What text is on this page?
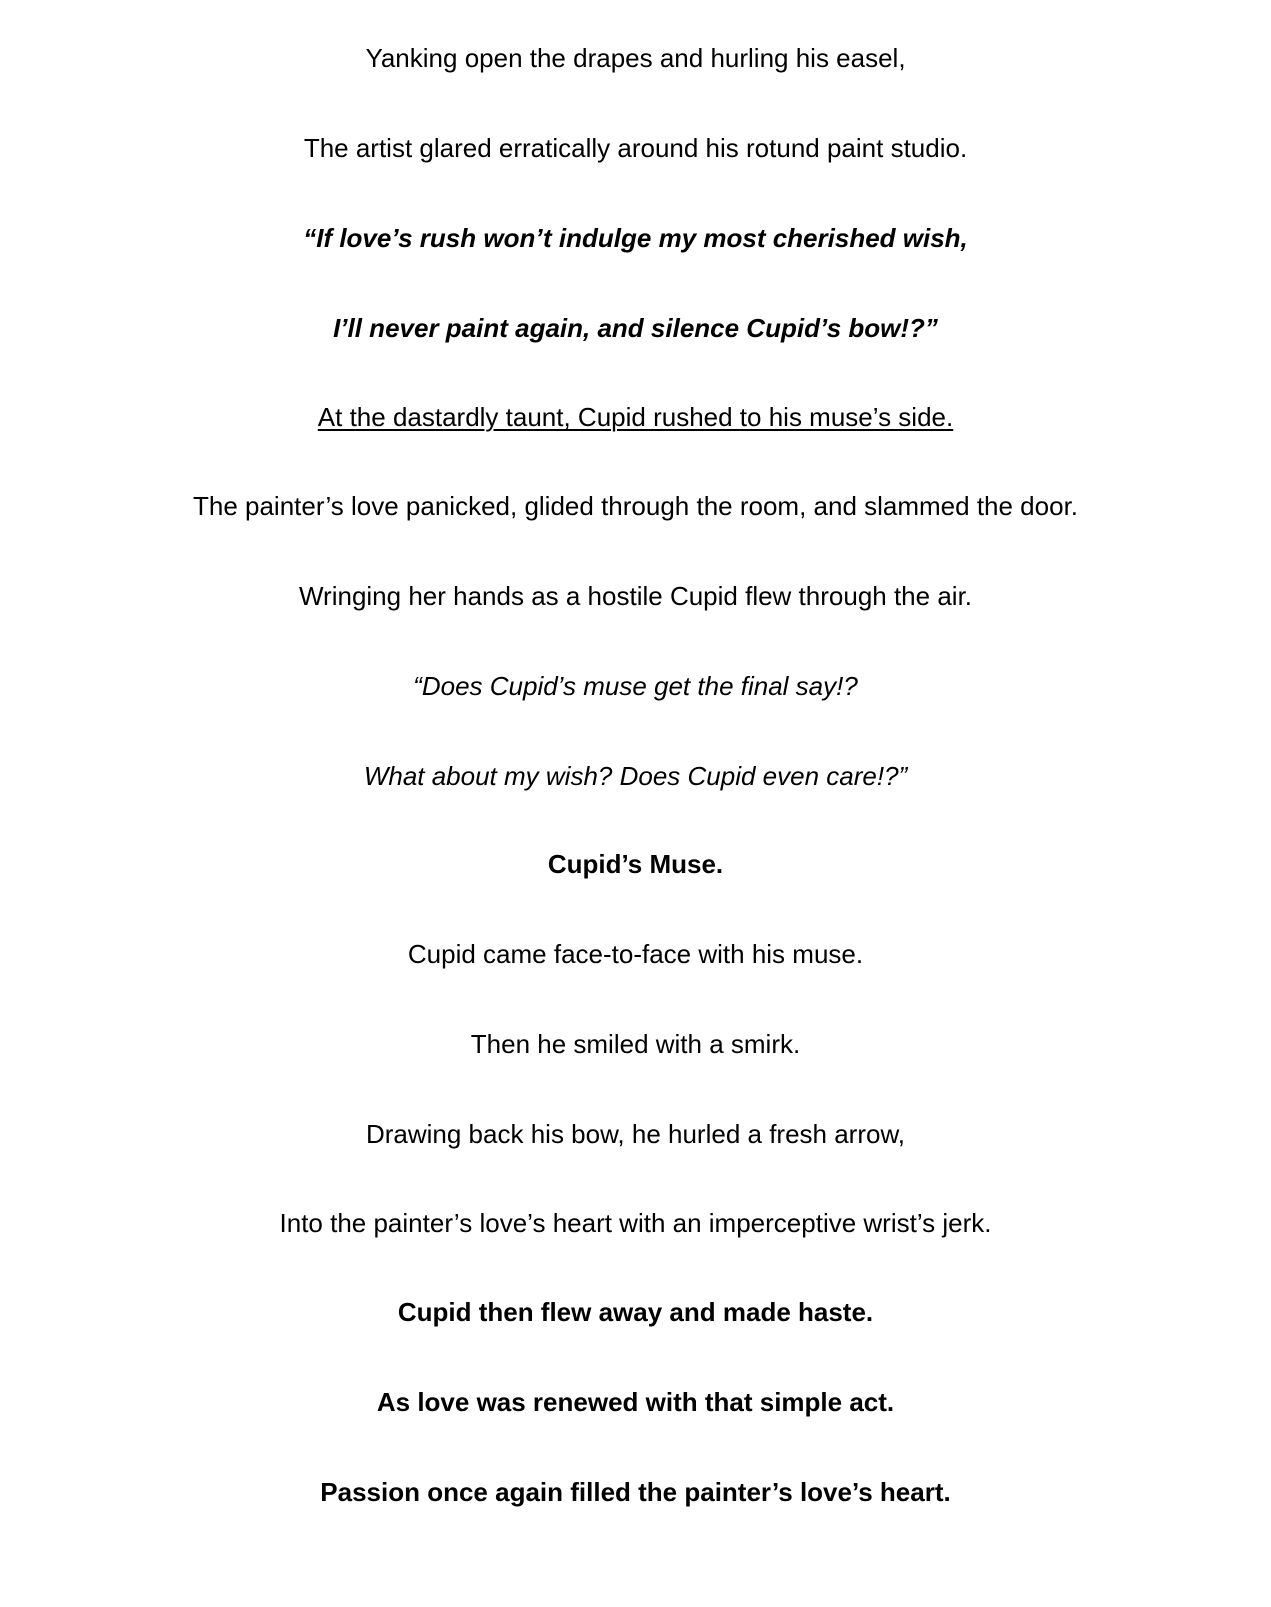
Yanking open the drapes and hurling his easel,
The artist glared erratically around his rotund paint studio.
“If love’s rush won’t indulge my most cherished wish,
I’ll never paint again, and silence Cupid’s bow!?”
At the dastardly taunt, Cupid rushed to his muse’s side.
The painter’s love panicked, glided through the room, and slammed the door.
Wringing her hands as a hostile Cupid flew through the air.
“Does Cupid’s muse get the final say!?
What about my wish? Does Cupid even care!?”
Cupid’s Muse.
Cupid came face-to-face with his muse.
Then he smiled with a smirk.
Drawing back his bow, he hurled a fresh arrow,
Into the painter’s love’s heart with an imperceptive wrist’s jerk.
Cupid then flew away and made haste.
As love was renewed with that simple act.
Passion once again filled the painter’s love’s heart.
